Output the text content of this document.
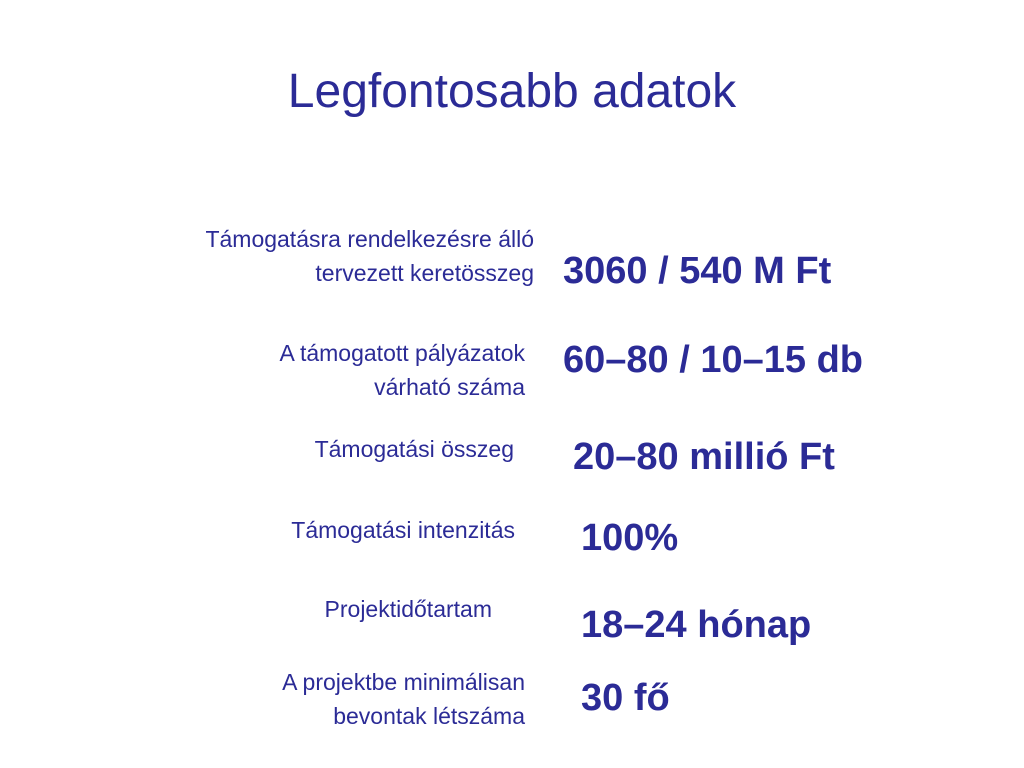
Legfontosabb adatok
Támogatásra rendelkezésre álló
tervezett keretösszeg 3060 / 540 M Ft
A támogatott pályázatok
várható száma
60–80 / 10–15 db
Támogatási összeg 20–80 millió Ft
Támogatási intenzitás 100%
Projektidőtartam 18–24 hónap
A projektbe minimálisan
bevontak létszáma 30 fő
